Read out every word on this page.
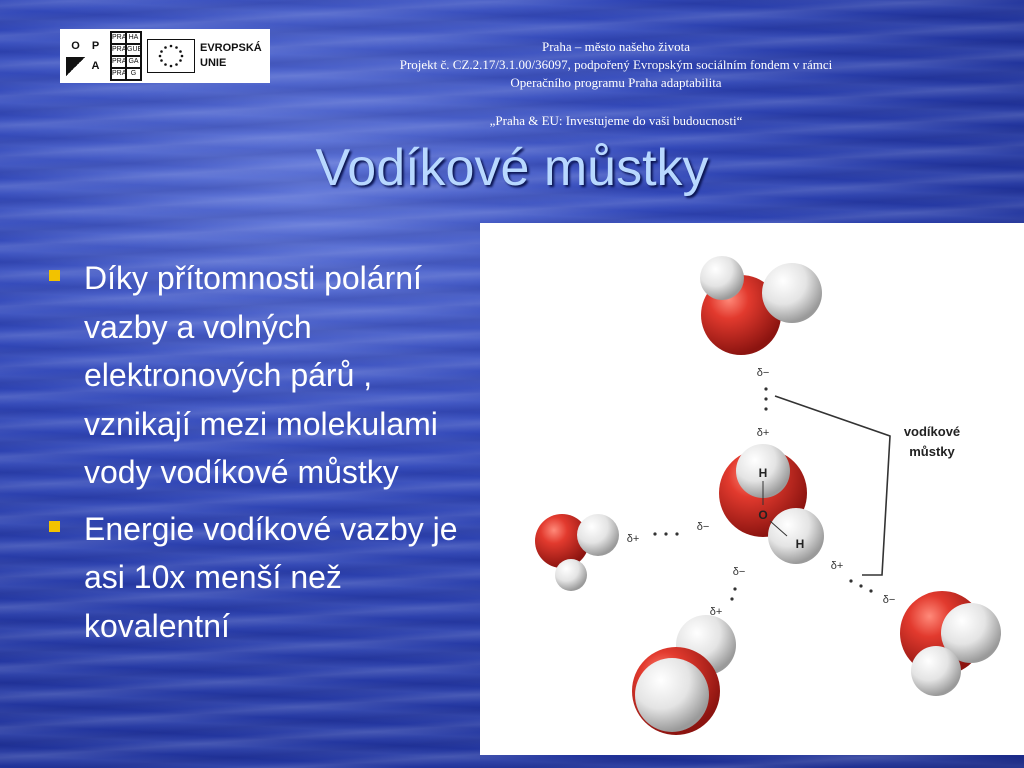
O	P
A
PRA HA
PRA GUE
PRA GA
PRA G
EVROPSKÁ
UNIE
Praha – město našeho života
Projekt č. CZ.2.17/3.1.00/36097, podpořený Evropským sociálním fondem v rámci
Operačního programu Praha adaptabilita
„Praha & EU: Investujeme do vaši budoucnosti“
Vodíkové můstky
Díky přítomnosti polární vazby a volných elektronových párů , vznikají mezi molekulami vody vodíkové můstky
Energie vodíkové vazby je asi 10x menší než kovalentní
H
O
H
δ−
δ+
δ+
δ−
δ−
δ+
δ+
δ−
vodíkové
můstky
